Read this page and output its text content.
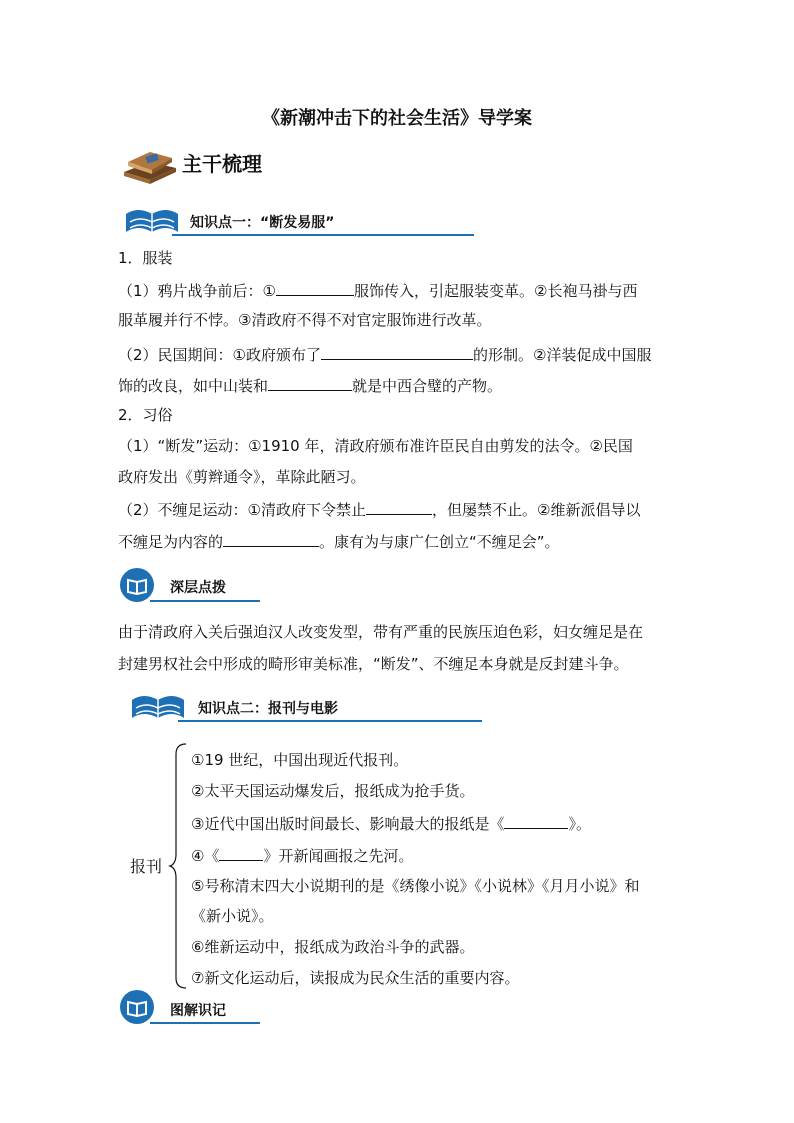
《新潮冲击下的社会生活》导学案
主干梳理
知识点一：“断发易服”
1．服装
（1）鸦片战争前后：①	服饰传入，引起服装变革。②长袍马褂与西
服革履并行不悖。③清政府不得不对官定服饰进行改革。
（2）民国期间：①政府颁布了	的形制。②洋装促成中国服
饰的改良，如中山装和	就是中西合璧的产物。
2．习俗
（1）“断发”运动：①1910 年，清政府颁布准许臣民自由剪发的法令。②民国
政府发出《剪辫通令》，革除此陋习。
（2）不缠足运动：①清政府下令禁止	，但屡禁不止。②维新派倡导以
不缠足为内容的	。康有为与康广仁创立“不缠足会”。
深层点拨
由于清政府入关后强迫汉人改变发型，带有严重的民族压迫色彩，妇女缠足是在
封建男权社会中形成的畸形审美标准，“断发”、不缠足本身就是反封建斗争。
知识点二：报刊与电影
报刊
①19 世纪，中国出现近代报刊。
②太平天国运动爆发后，报纸成为抢手货。
③近代中国出版时间最长、影响最大的报纸是《	》。
④《	》开新闻画报之先河。
⑤号称清末四大小说期刊的是《绣像小说》《小说林》《月月小说》和
《新小说》。
⑥维新运动中，报纸成为政治斗争的武器。
⑦新文化运动后，读报成为民众生活的重要内容。
图解识记
